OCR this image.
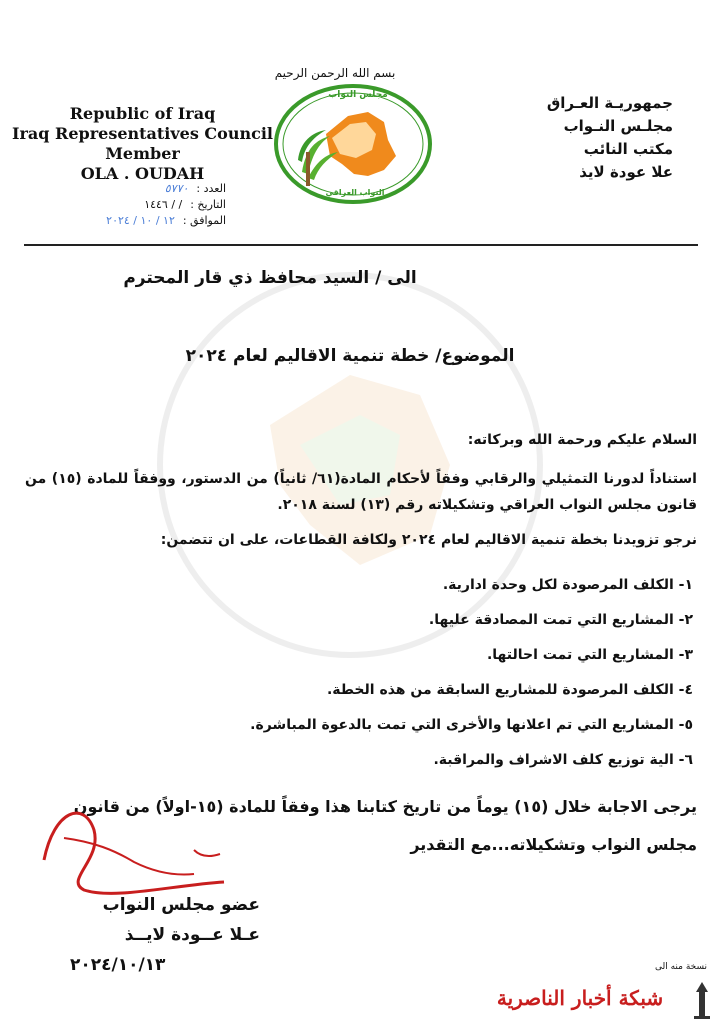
بسم الله الرحمن الرحيم
Republic of Iraq
Iraq Representatives Council
Member
OLA . OUDAH
جمهوريـة العـراق
مجلـس النـواب
مكتب النائب
علا عودة لايذ
مجلس النواب
النواب العراقي
العدد :
٥٧٧٠
التاريخ :
/ / ١٤٤٦
الموافق :
١٢ / ١٠ / ٢٠٢٤
الى / السيد محافظ ذي قار المحترم
الموضوع/ خطة تنمية الاقاليم لعام ٢٠٢٤
السلام عليكم ورحمة الله وبركاته:
استناداً لدورنا التمثيلي والرقابي وفقاً لأحكام المادة(٦١/ ثانياً) من الدستور، ووفقاً للمادة (١٥) من قانون مجلس النواب العراقي وتشكيلاته رقم (١٣) لسنة ٢٠١٨.
نرجو تزويدنا بخطة تنمية الاقاليم لعام ٢٠٢٤ ولكافة القطاعات، على ان تتضمن:
١- الكلف المرصودة لكل وحدة ادارية.
٢- المشاريع التي تمت المصادقة عليها.
٣- المشاريع التي تمت احالتها.
٤- الكلف المرصودة للمشاريع السابقة من هذه الخطة.
٥- المشاريع التي تم اعلانها والأخرى التي تمت بالدعوة المباشرة.
٦- الية توزيع كلف الاشراف والمراقبة.
يرجى الاجابة خلال (١٥) يوماً من تاريخ كتابنا هذا وفقاً للمادة (١٥-اولاً) من قانون مجلس النواب وتشكيلاته...مع التقدير
عضو مجلس النواب
عـلا عــودة لايــذ
٢٠٢٤/١٠/١٣	نسخة منه الى
شبكة أخبار الناصرية
